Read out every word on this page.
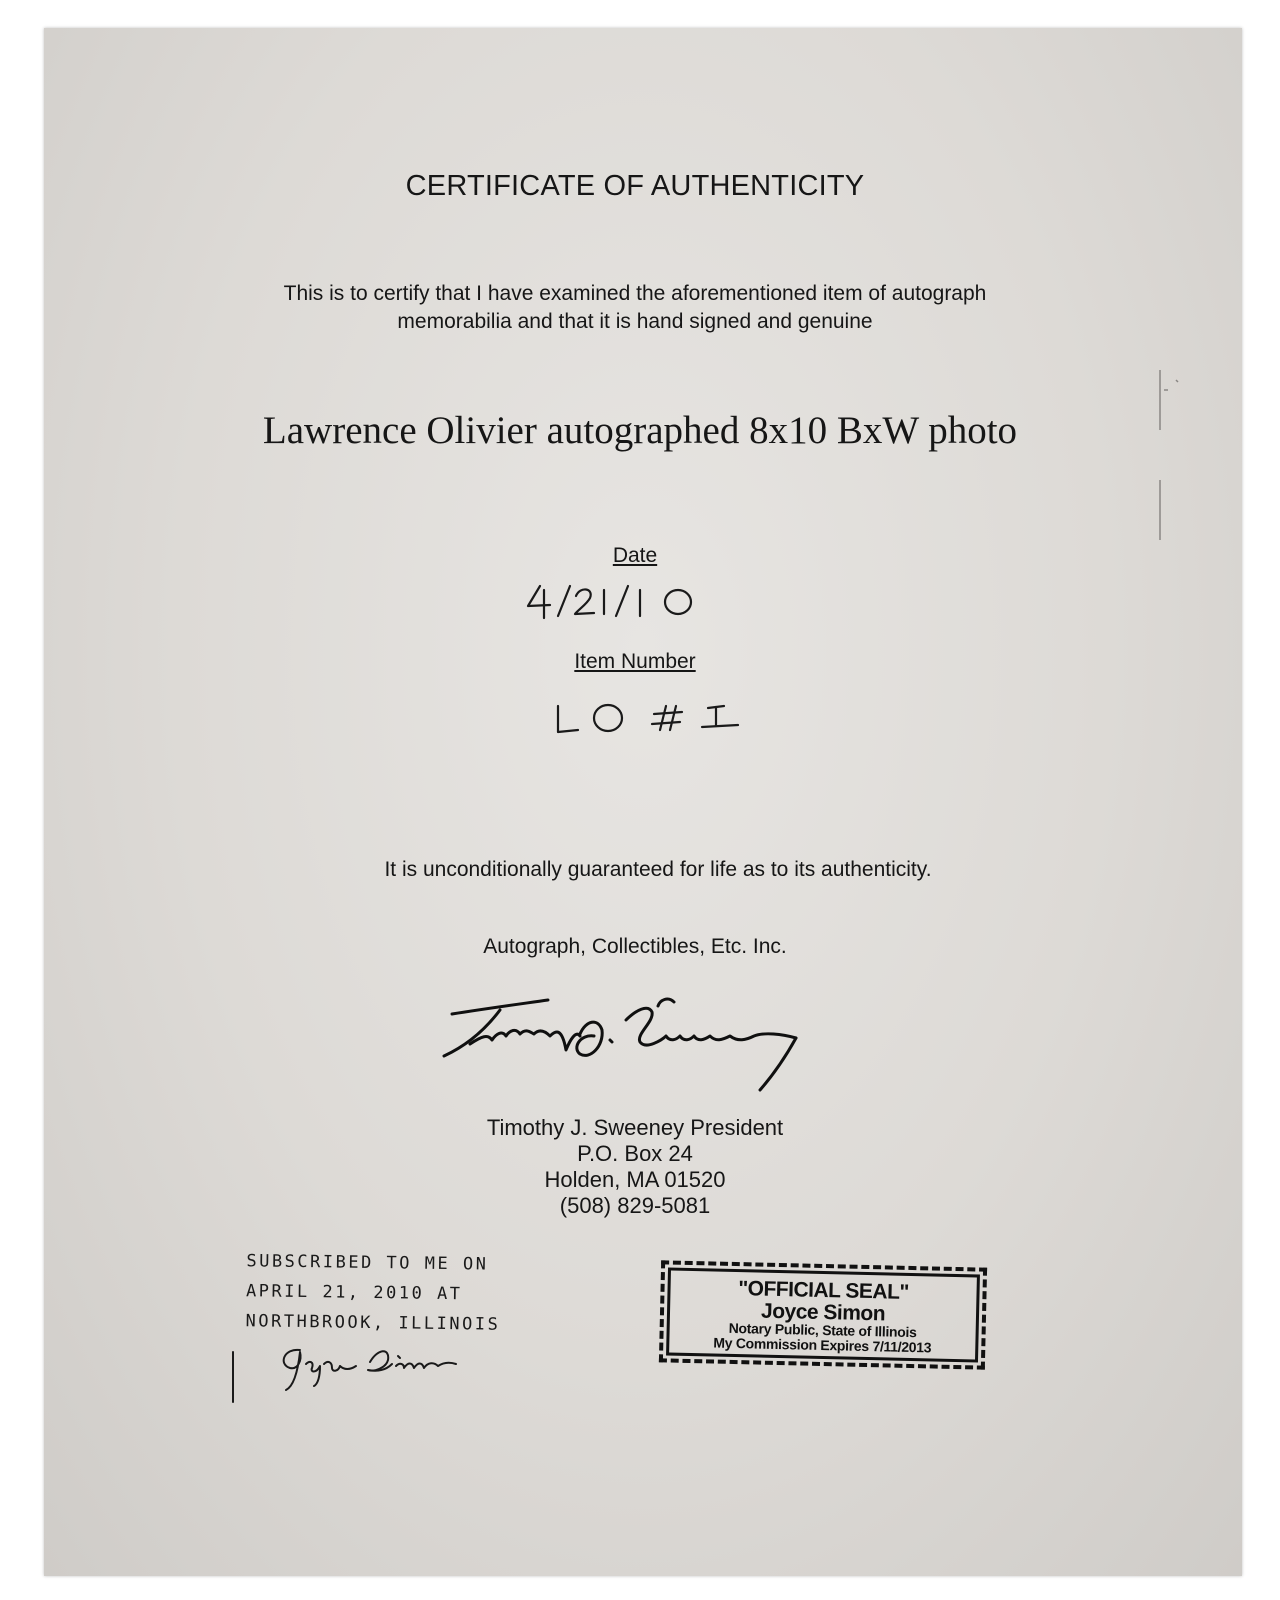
CERTIFICATE OF AUTHENTICITY
This is to certify that I have examined the aforementioned item of autograph
memorabilia and that it is hand signed and genuine
Lawrence Olivier autographed 8x10 BxW photo
Date
Item Number
It is unconditionally guaranteed for life as to its authenticity.
Autograph, Collectibles, Etc. Inc.
Timothy J. Sweeney President
P.O. Box 24
Holden, MA 01520
(508) 829-5081
SUBSCRIBED TO ME ON
APRIL 21, 2010 AT
NORTHBROOK, ILLINOIS
"OFFICIAL SEAL"
Joyce Simon
Notary Public, State of Illinois
My Commission Expires 7/11/2013
